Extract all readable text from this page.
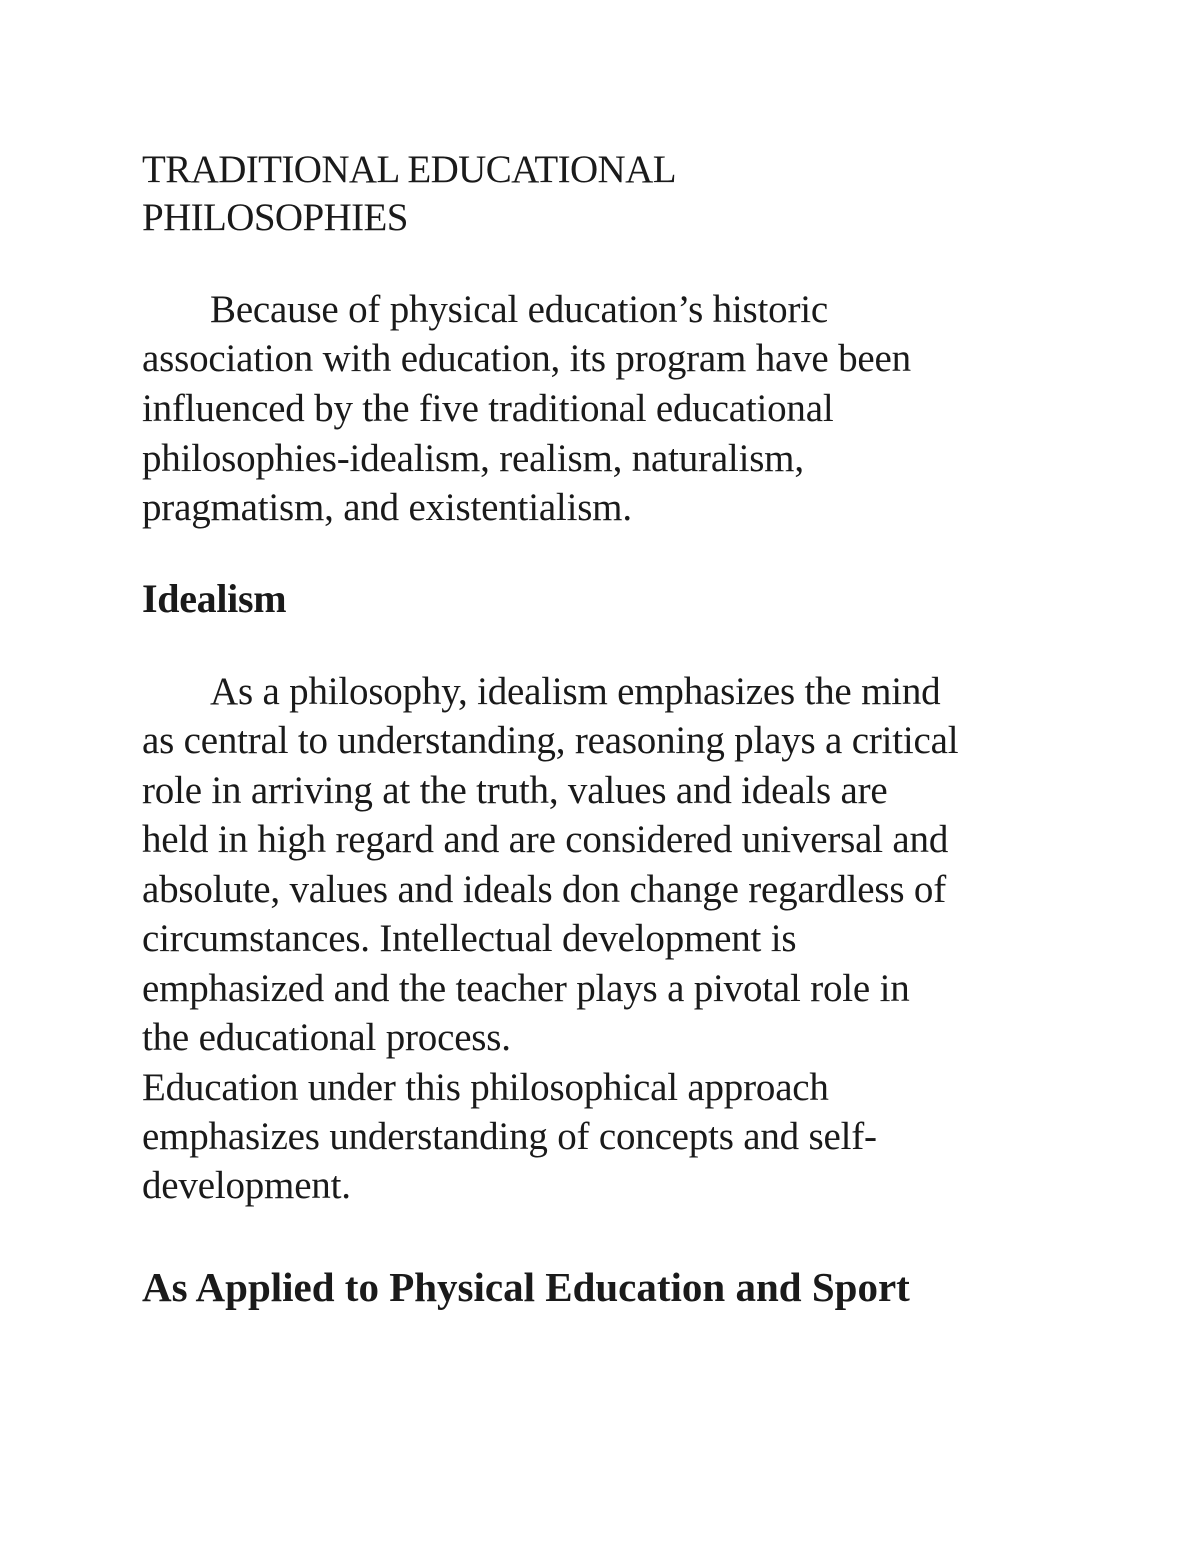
TRADITIONAL EDUCATIONAL
PHILOSOPHIES
Because of physical education’s historic
association with education, its program have been
influenced by the five traditional educational
philosophies-idealism, realism, naturalism,
pragmatism, and existentialism.
Idealism
As a philosophy, idealism emphasizes the mind
as central to understanding, reasoning plays a critical
role in arriving at the truth, values and ideals are
held in high regard and are considered universal and
absolute, values and ideals don change regardless of
circumstances. Intellectual development is
emphasized and the teacher plays a pivotal role in
the educational process.
Education under this philosophical approach
emphasizes understanding of concepts and self-
development.
As Applied to Physical Education and Sport
